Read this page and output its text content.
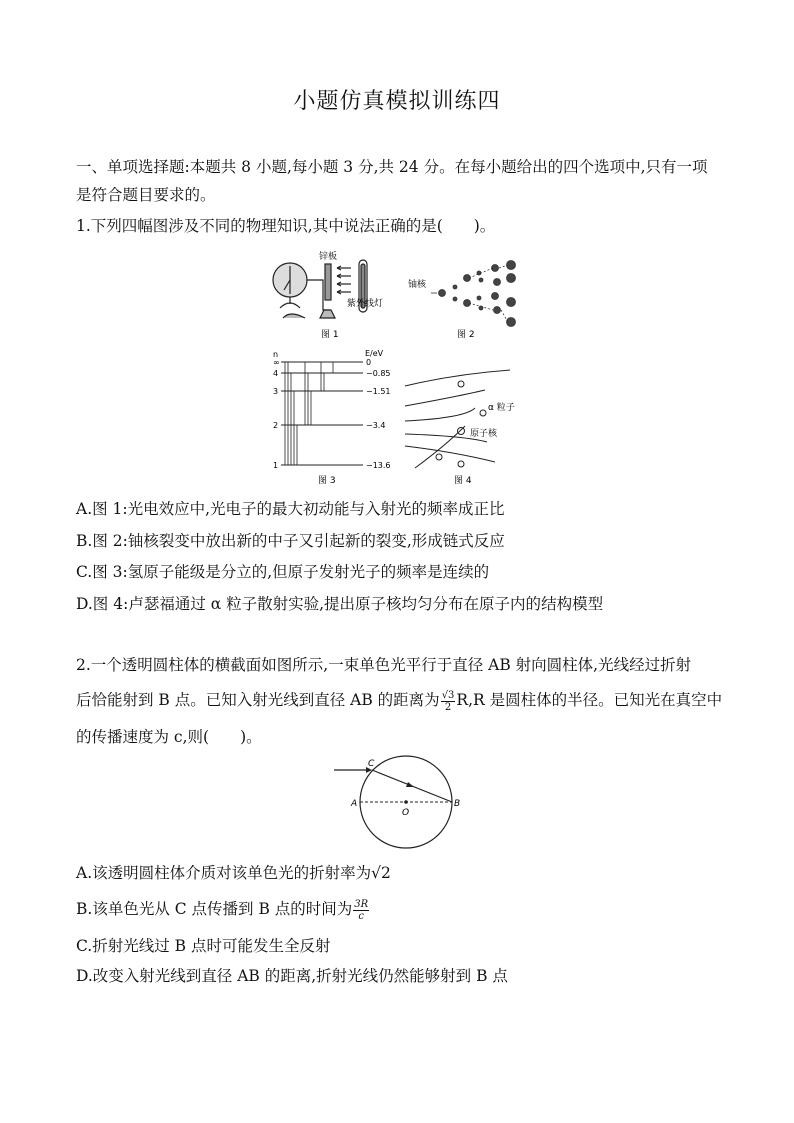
小题仿真模拟训练四
一、单项选择题:本题共 8 小题,每小题 3 分,共 24 分。在每小题给出的四个选项中,只有一项
是符合题目要求的。
1.下列四幅图涉及不同的物理知识,其中说法正确的是(　　)。
锌板
紫外线灯
图 1
铀核
图 2
n	E/eV
∞	0
4	−0.85
3	−1.51
2	−3.4
1	−13.6
图 3
α 粒子
原子核
图 4
A.图 1:光电效应中,光电子的最大初动能与入射光的频率成正比
B.图 2:铀核裂变中放出新的中子又引起新的裂变,形成链式反应
C.图 3:氢原子能级是分立的,但原子发射光子的频率是连续的
D.图 4:卢瑟福通过 α 粒子散射实验,提出原子核均匀分布在原子内的结构模型
2.一个透明圆柱体的横截面如图所示,一束单色光平行于直径 AB 射向圆柱体,光线经过折射
后恰能射到 B 点。已知入射光线到直径 AB 的距离为 $\frac{√3}{2} R,R$ 是圆柱体的半径。已知光在真空中
的传播速度为 c,则(　　)。
C
A	B
O
A.该透明圆柱体介质对该单色光的折射率为√2
B.该单色光从 C 点传播到 B 点的时间为 $\frac{3R}{c}$
C.折射光线过 B 点时可能发生全反射
D.改变入射光线到直径 AB 的距离,折射光线仍然能够射到 B 点
